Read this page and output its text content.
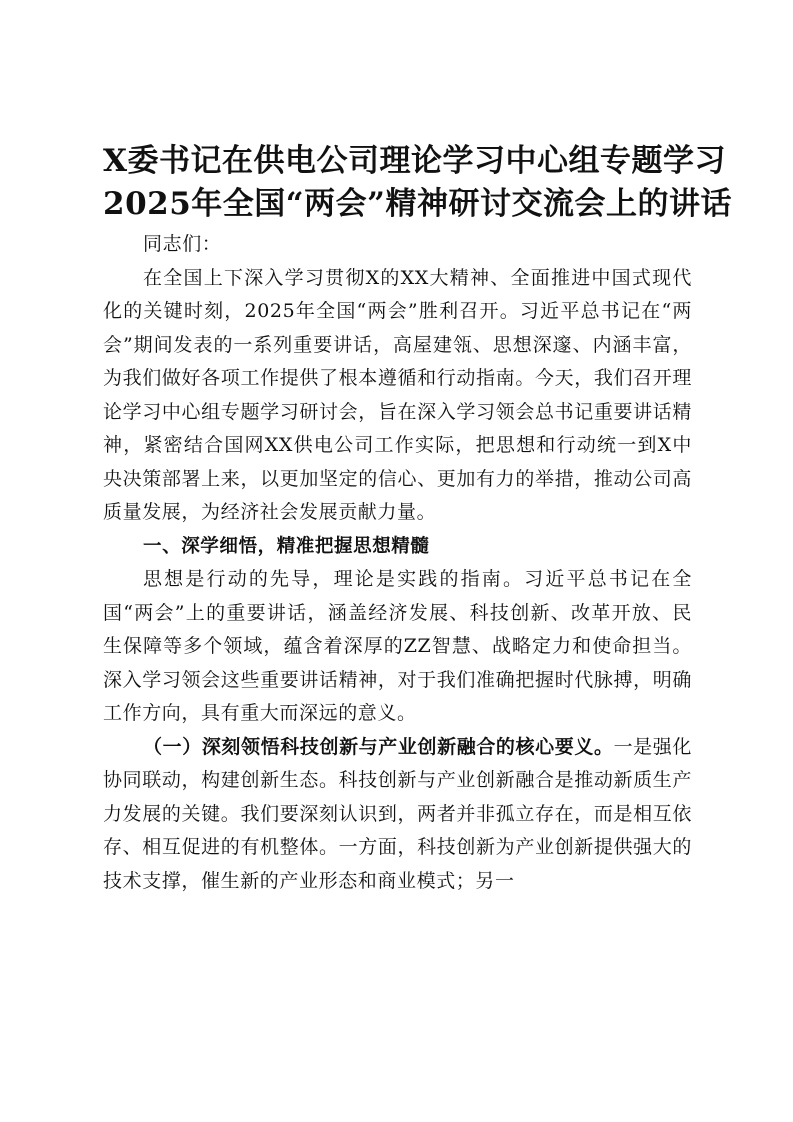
X委书记在供电公司理论学习中心组专题学习
2025年全国“两会”精神研讨交流会上的讲话

同志们：

在全国上下深入学习贯彻X的XX大精神、全面推进中国式现代化的关键时刻，2025年全国“两会”胜利召开。习近平总书记在“两会”期间发表的一系列重要讲话，高屋建瓴、思想深邃、内涵丰富，为我们做好各项工作提供了根本遵循和行动指南。今天，我们召开理论学习中心组专题学习研讨会，旨在深入学习领会总书记重要讲话精神，紧密结合国网XX供电公司工作实际，把思想和行动统一到X中央决策部署上来，以更加坚定的信心、更加有力的举措，推动公司高质量发展，为经济社会发展贡献力量。

一、深学细悟，精准把握思想精髓

思想是行动的先导，理论是实践的指南。习近平总书记在全国“两会”上的重要讲话，涵盖经济发展、科技创新、改革开放、民生保障等多个领域，蕴含着深厚的ZZ智慧、战略定力和使命担当。深入学习领会这些重要讲话精神，对于我们准确把握时代脉搏，明确工作方向，具有重大而深远的意义。

（一）深刻领悟科技创新与产业创新融合的核心要义。一是强化协同联动，构建创新生态。科技创新与产业创新融合是推动新质生产力发展的关键。我们要深刻认识到，两者并非孤立存在，而是相互依存、相互促进的有机整体。一方面，科技创新为产业创新提供强大的技术支撑，催生新的产业形态和商业模式；另一
